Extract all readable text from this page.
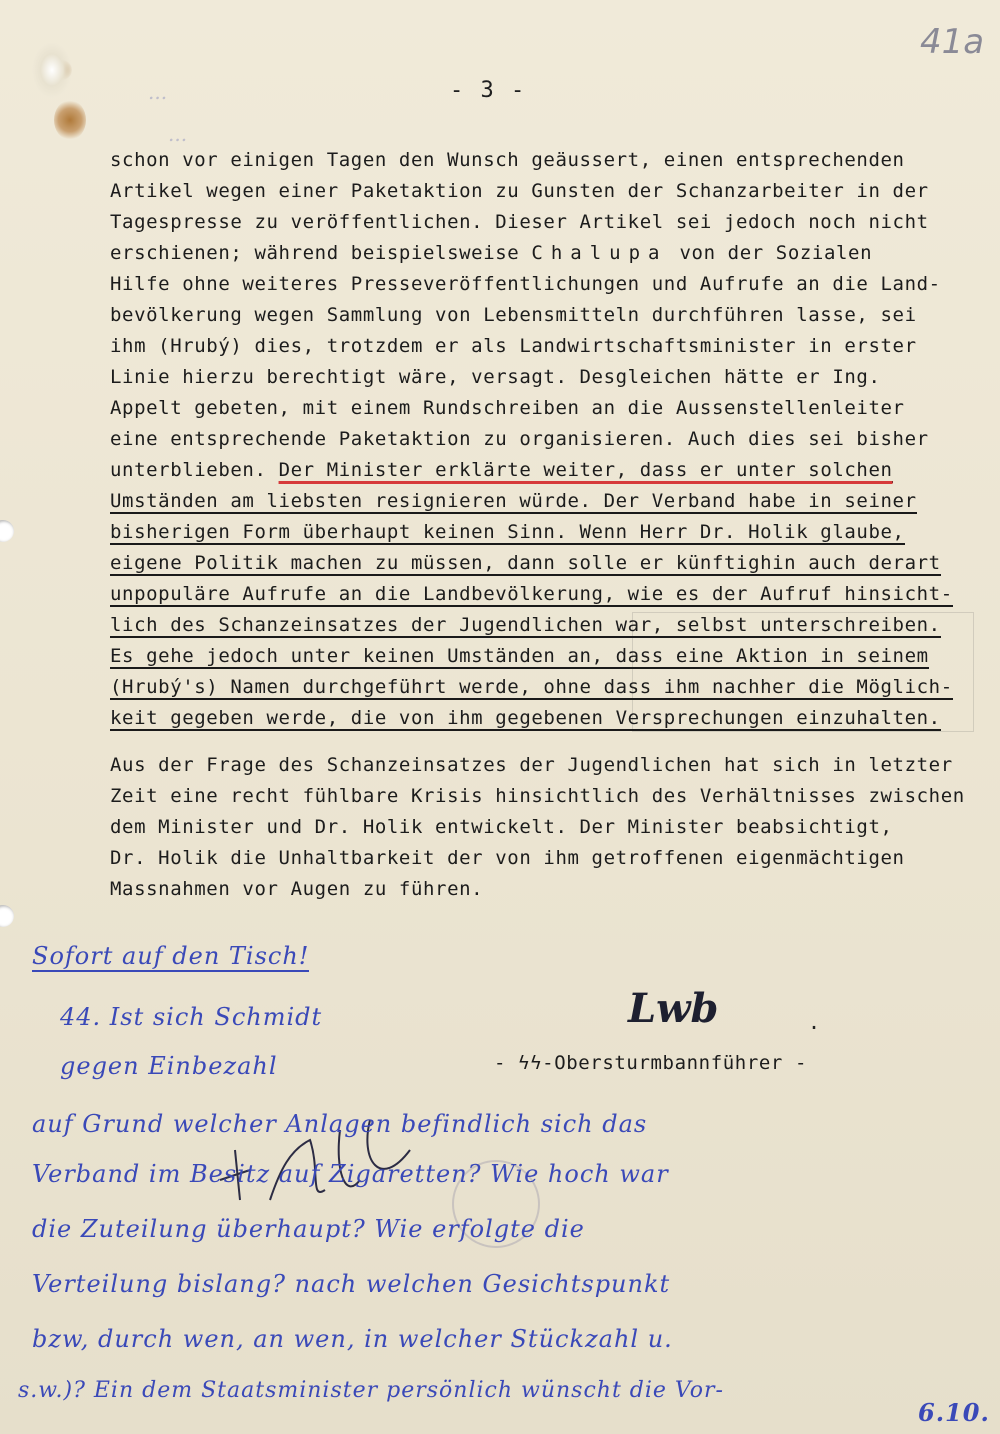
41a
...
...
- 3 -

schon vor einigen Tagen den Wunsch geäussert, einen entsprechenden

Artikel wegen einer Paketaktion zu Gunsten der Schanzarbeiter in der

Tagespresse zu veröffentlichen. Dieser Artikel sei jedoch noch nicht

erschienen; während beispielsweise Chalupa von der Sozialen

Hilfe ohne weiteres Presseveröffentlichungen und Aufrufe an die Land-

bevölkerung wegen Sammlung von Lebensmitteln durchführen lasse, sei

ihm (Hrubý) dies, trotzdem er als Landwirtschaftsminister in erster

Linie hierzu berechtigt wäre, versagt. Desgleichen hätte er Ing.

Appelt gebeten, mit einem Rundschreiben an die Aussenstellenleiter

eine entsprechende Paketaktion zu organisieren. Auch dies sei bisher

unterblieben. Der Minister erklärte weiter, dass er unter solchen

Umständen am liebsten resignieren würde. Der Verband habe in seiner

bisherigen Form überhaupt keinen Sinn. Wenn Herr Dr. Holik glaube,

eigene Politik machen zu müssen, dann solle er künftighin auch derart

unpopuläre Aufrufe an die Landbevölkerung, wie es der Aufruf hinsicht-

lich des Schanzeinsatzes der Jugendlichen war, selbst unterschreiben.

Es gehe jedoch unter keinen Umständen an, dass eine Aktion in seinem

(Hrubý's) Namen durchgeführt werde, ohne dass ihm nachher die Möglich-

keit gegeben werde, die von ihm gegebenen Versprechungen einzuhalten.

Aus der Frage des Schanzeinsatzes der Jugendlichen hat sich in letzter

Zeit eine recht fühlbare Krisis hinsichtlich des Verhältnisses zwischen

dem Minister und Dr. Holik entwickelt. Der Minister beabsichtigt,

Dr. Holik die Unhaltbarkeit der von ihm getroffenen eigenmächtigen

Massnahmen vor Augen zu führen.

Lwb	.
- ϟϟ-Obersturmbannführer -
Sofort auf den Tisch!
44. Ist sich Schmidt
gegen Einbezahl
auf Grund welcher Anlagen befindlich sich das
Verband im Besitz auf Zigaretten? Wie hoch war
die Zuteilung überhaupt? Wie erfolgte die
Verteilung bislang? nach welchen Gesichtspunkt
bzw, durch wen, an wen, in welcher Stückzahl u.
s.w.)? Ein dem Staatsminister persönlich wünscht die Vor-
6.10.
